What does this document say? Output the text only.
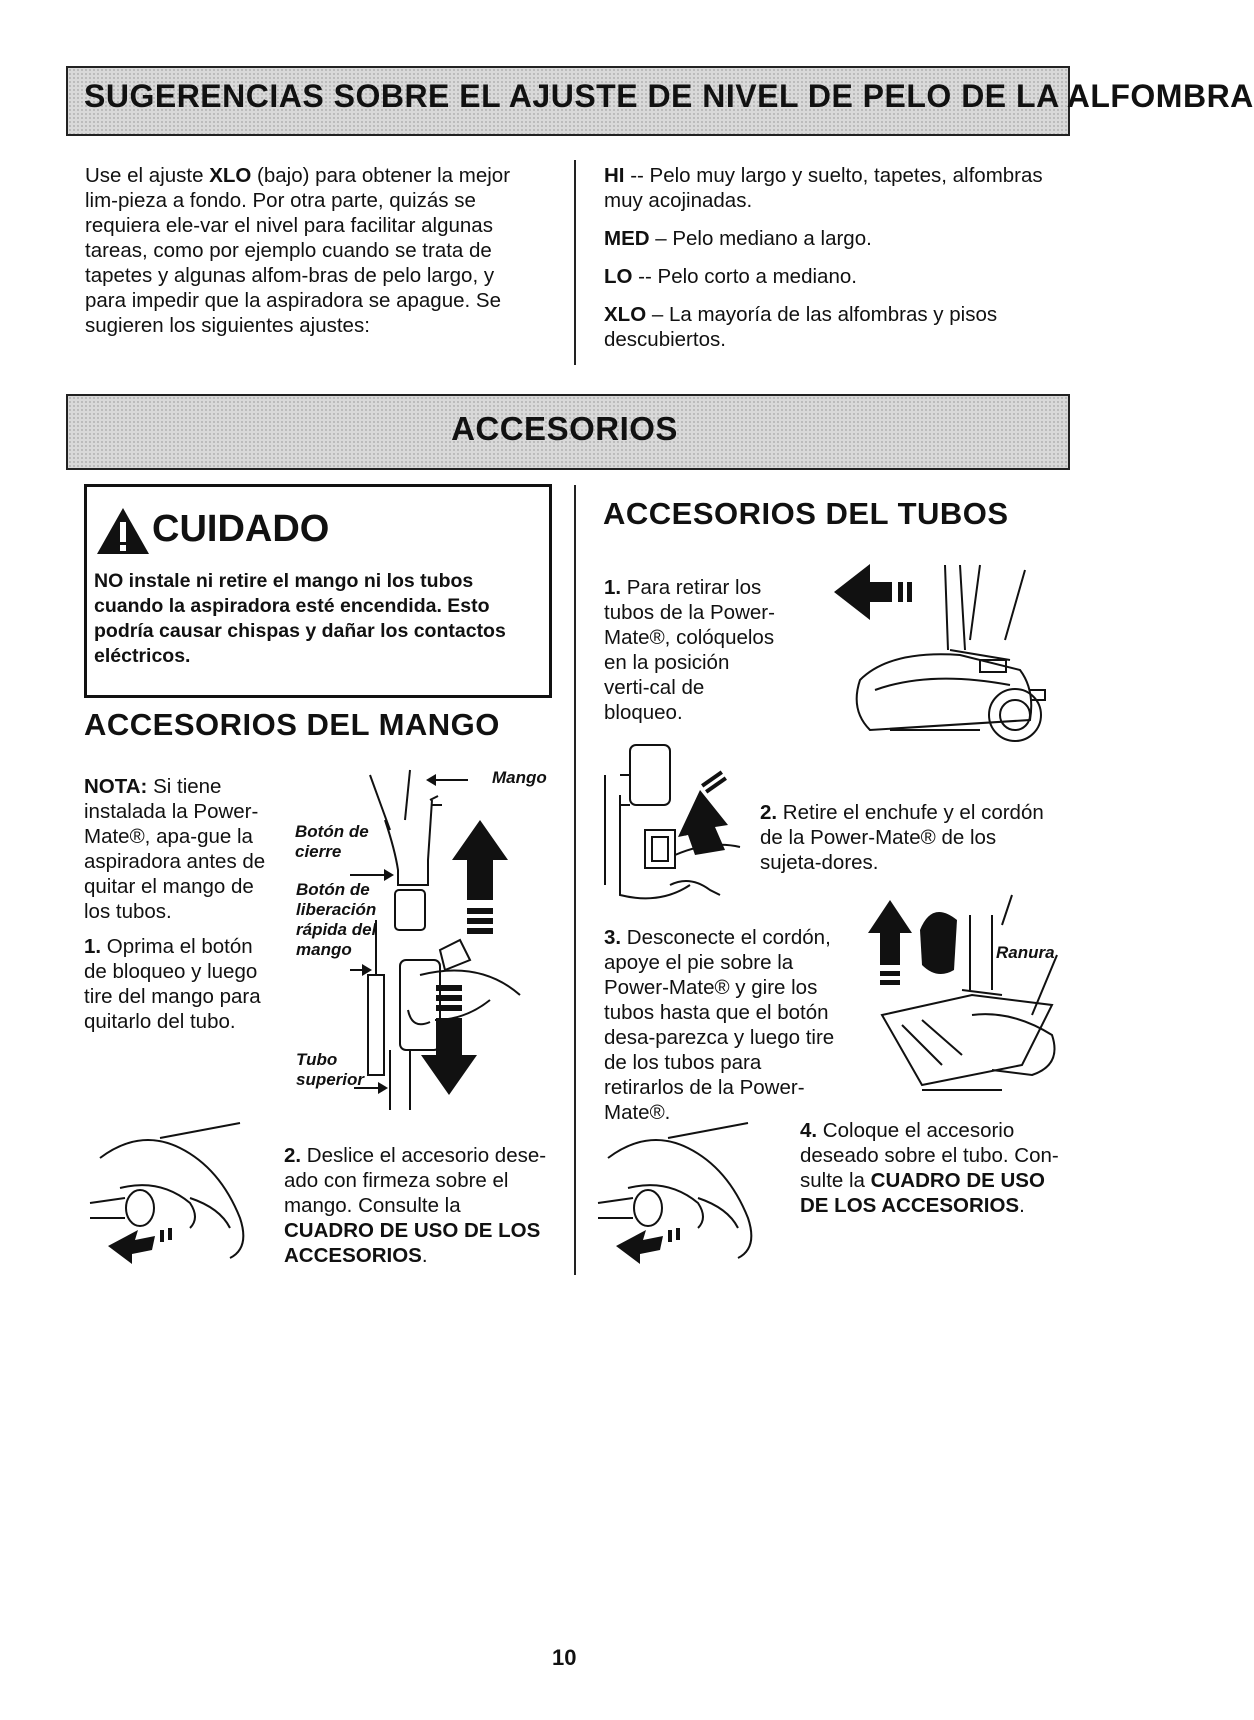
SUGERENCIAS SOBRE EL AJUSTE DE NIVEL DE PELO DE LA ALFOMBRA
Use el ajuste XLO (bajo) para obtener la mejor lim-pieza a fondo. Por otra parte, quizás se requiera ele-var el nivel para facilitar algunas tareas, como por ejemplo cuando se trata de tapetes y algunas alfom-bras de pelo largo, y para impedir que la aspiradora se apague. Se sugieren los siguientes ajustes:

HI -- Pelo muy largo y suelto, tapetes, alfombras muy acojinadas.

MED – Pelo mediano a largo.

LO -- Pelo corto a mediano.

XLO – La mayoría de las alfombras y pisos descubiertos.

ACCESORIOS
CUIDADO
NO instale ni retire el mango ni los tubos cuando la aspiradora esté encendida. Esto podría causar chispas y dañar los contactos eléctricos.
ACCESORIOS DEL MANGO
NOTA: Si tiene instalada la Power-Mate®, apa-gue la aspiradora antes de quitar el mango de los tubos.
1. Oprima el botón de bloqueo y luego tire del mango para quitarlo del tubo.
Mango
Botón de cierre
Botón de liberación rápida del mango
Tubo superior
2. Deslice el accesorio dese-ado con firmeza sobre el mango. Consulte la CUADRO DE USO DE LOS ACCESORIOS.
ACCESORIOS DEL TUBOS
1. Para retirar los tubos de la Power-Mate®, colóquelos en la posición verti-cal de bloqueo.
2. Retire el enchufe y el cordón de la Power-Mate® de los sujeta-dores.
3. Desconecte el cordón, apoye el pie sobre la Power-Mate® y gire los tubos hasta que el botón desa-parezca y luego tire de los tubos para retirarlos de la Power-Mate®.
Ranura
4. Coloque el accesorio deseado sobre el tubo. Con-sulte la CUADRO DE USO DE LOS ACCESORIOS.
10
